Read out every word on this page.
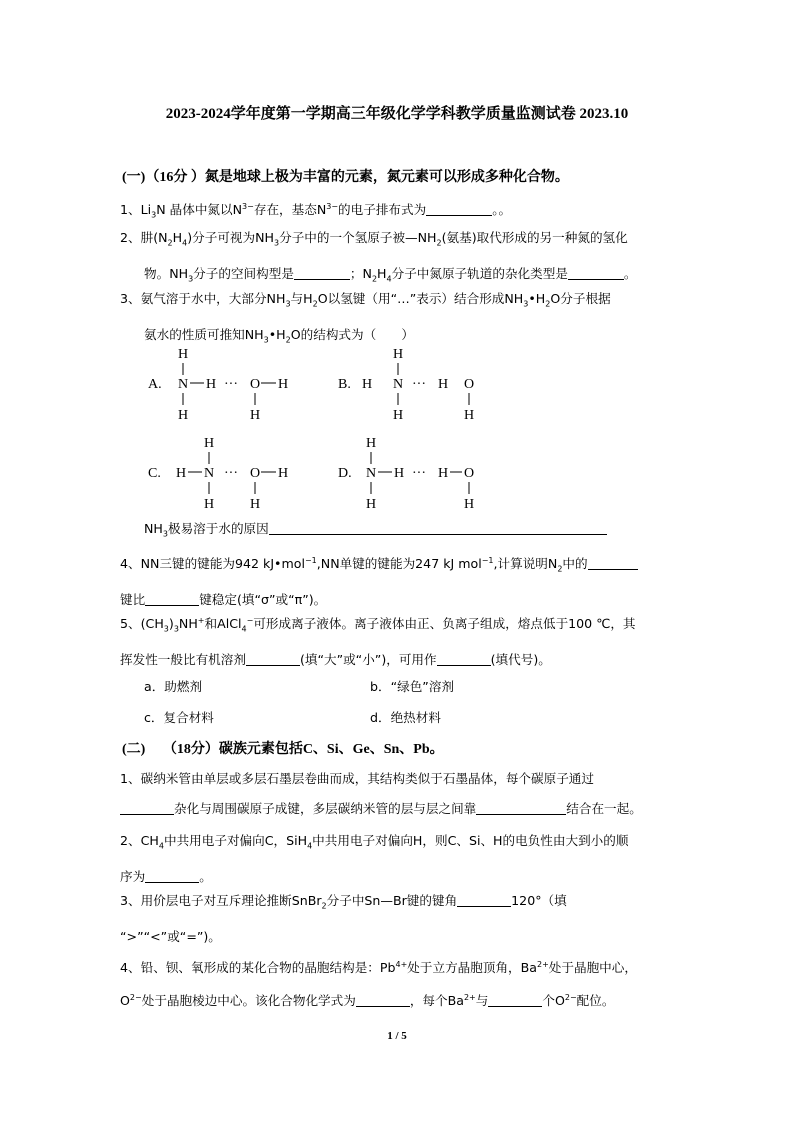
2023-2024学年度第一学期高三年级化学学科教学质量监测试卷 2023.10
(一)（16分 ）氮是地球上极为丰富的元素，氮元素可以形成多种化合物。
1、$Li_3N$ 晶体中氮以$N^{3-}$存在，基态$N^{3-}$的电子排布式为	。。
2、肼$(N_2H_4)$分子可视为$NH_3$分子中的一个氢原子被$—NH_2$(氨基)取代形成的另一种氮的氢化
物。$NH_3$分子的空间构型是	；$N_2H_4$分子中氮原子轨道的杂化类型是	。
3、氨气溶于水中，大部分$NH_3$与$H_2O$以氢键（用“…”表示）结合形成$NH_3•H_2O$分子根据
氨水的性质可推知$NH_3•H_2O$的结构式为（　　）
A.
H
N H ··· O H
H	H
B.
H
H N ··· H O
H	H
C.
H
H N ··· O H
H	H
D.
H
N H ··· H O
H	H
$NH_3$极易溶于水的原因
4、NN三键的键能为942 kJ•mol$^{-1}$,NN单键的键能为247 kJ mol$^{-1}$,计算说明$N_2$中的
键比	键稳定(填“σ”或“π”)。
5、$(CH_3)_3NH^+$和AlCl$_4$−可形成离子液体。离子液体由正、负离子组成，熔点低于100 ℃，其
挥发性一般比有机溶剂	(填“大”或“小”)，可用作	(填代号)。
a．助燃剂	b．“绿色”溶剂
c．复合材料	d．绝热材料
(二)　 （18分）碳族元素包括C、Si、Ge、Sn、Pb。
1、碳纳米管由单层或多层石墨层卷曲而成，其结构类似于石墨晶体，每个碳原子通过
杂化与周围碳原子成键，多层碳纳米管的层与层之间靠	结合在一起。
2、$CH_4$中共用电子对偏向C，SiH$_4$中共用电子对偏向H，则C、Si、H的电负性由大到小的顺
序为	。
3、用价层电子对互斥理论推断SnBr$_2$分子中Sn—Br键的键角	120°（填
“>”“<”或“=”)。
4、铅、钡、氧形成的某化合物的晶胞结构是：$Pb^{4+}$处于立方晶胞顶角，$Ba^{2+}$处于晶胞中心，
$O^{2-}$处于晶胞棱边中心。该化合物化学式为	，每个$Ba^{2+}$与	个$O^{2-}$配位。
1 / 5
